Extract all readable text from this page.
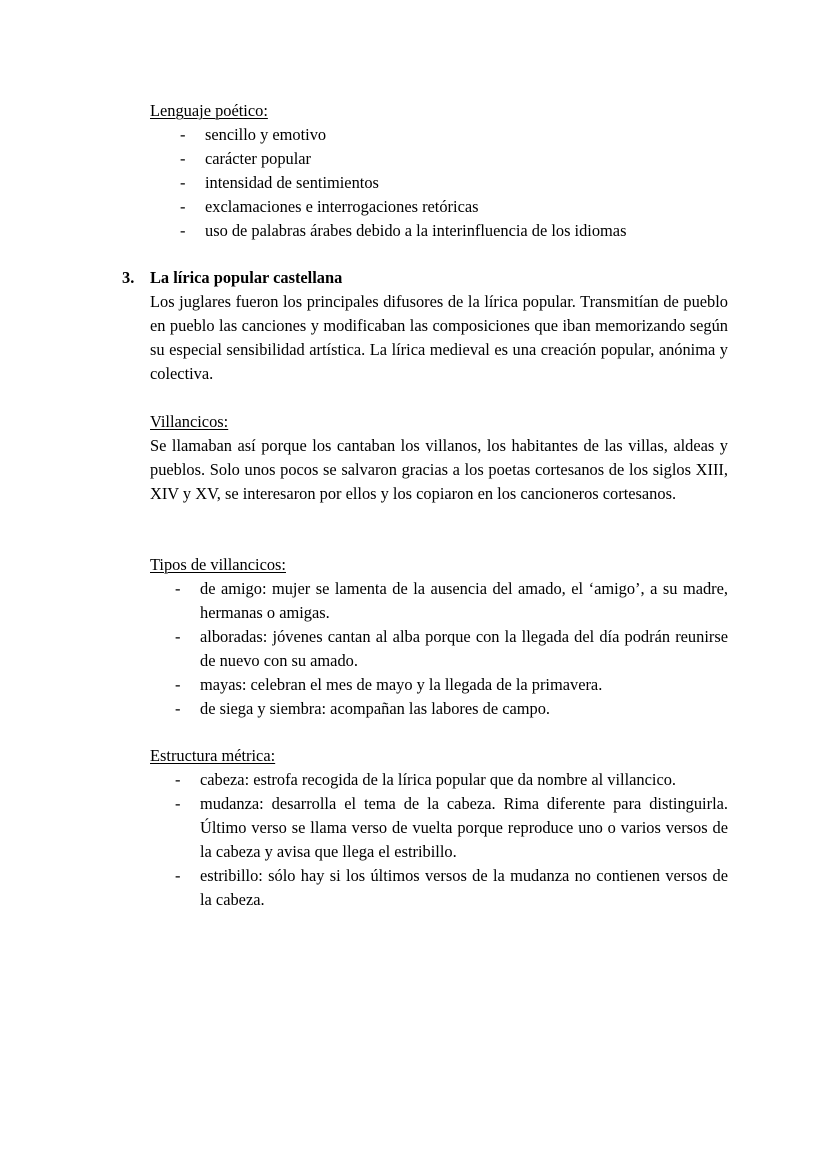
Lenguaje poético:
- sencillo y emotivo
- carácter popular
- intensidad de sentimientos
- exclamaciones e interrogaciones retóricas
- uso de palabras árabes debido a la interinfluencia de los idiomas
3. La lírica popular castellana

Los juglares fueron los principales difusores de la lírica popular. Transmitían de pueblo en pueblo las canciones y modificaban las composiciones que iban memorizando según su especial sensibilidad artística. La lírica medieval es una creación popular, anónima y colectiva.

Villancicos:

Se llamaban así porque los cantaban los villanos, los habitantes de las villas, aldeas y pueblos. Solo unos pocos se salvaron gracias a los poetas cortesanos de los siglos XIII, XIV y XV, se interesaron por ellos y los copiaron en los cancioneros cortesanos.

Tipos de villancicos:
- de amigo: mujer se lamenta de la ausencia del amado, el ‘amigo’, a su madre, hermanas o amigas.
- alboradas: jóvenes cantan al alba porque con la llegada del día podrán reunirse de nuevo con su amado.
- mayas: celebran el mes de mayo y la llegada de la primavera.
- de siega y siembra: acompañan las labores de campo.
Estructura métrica:
- cabeza: estrofa recogida de la lírica popular que da nombre al villancico.
- mudanza: desarrolla el tema de la cabeza. Rima diferente para distinguirla. Último verso se llama verso de vuelta porque reproduce uno o varios versos de la cabeza y avisa que llega el estribillo.
- estribillo: sólo hay si los últimos versos de la mudanza no contienen versos de la cabeza.
